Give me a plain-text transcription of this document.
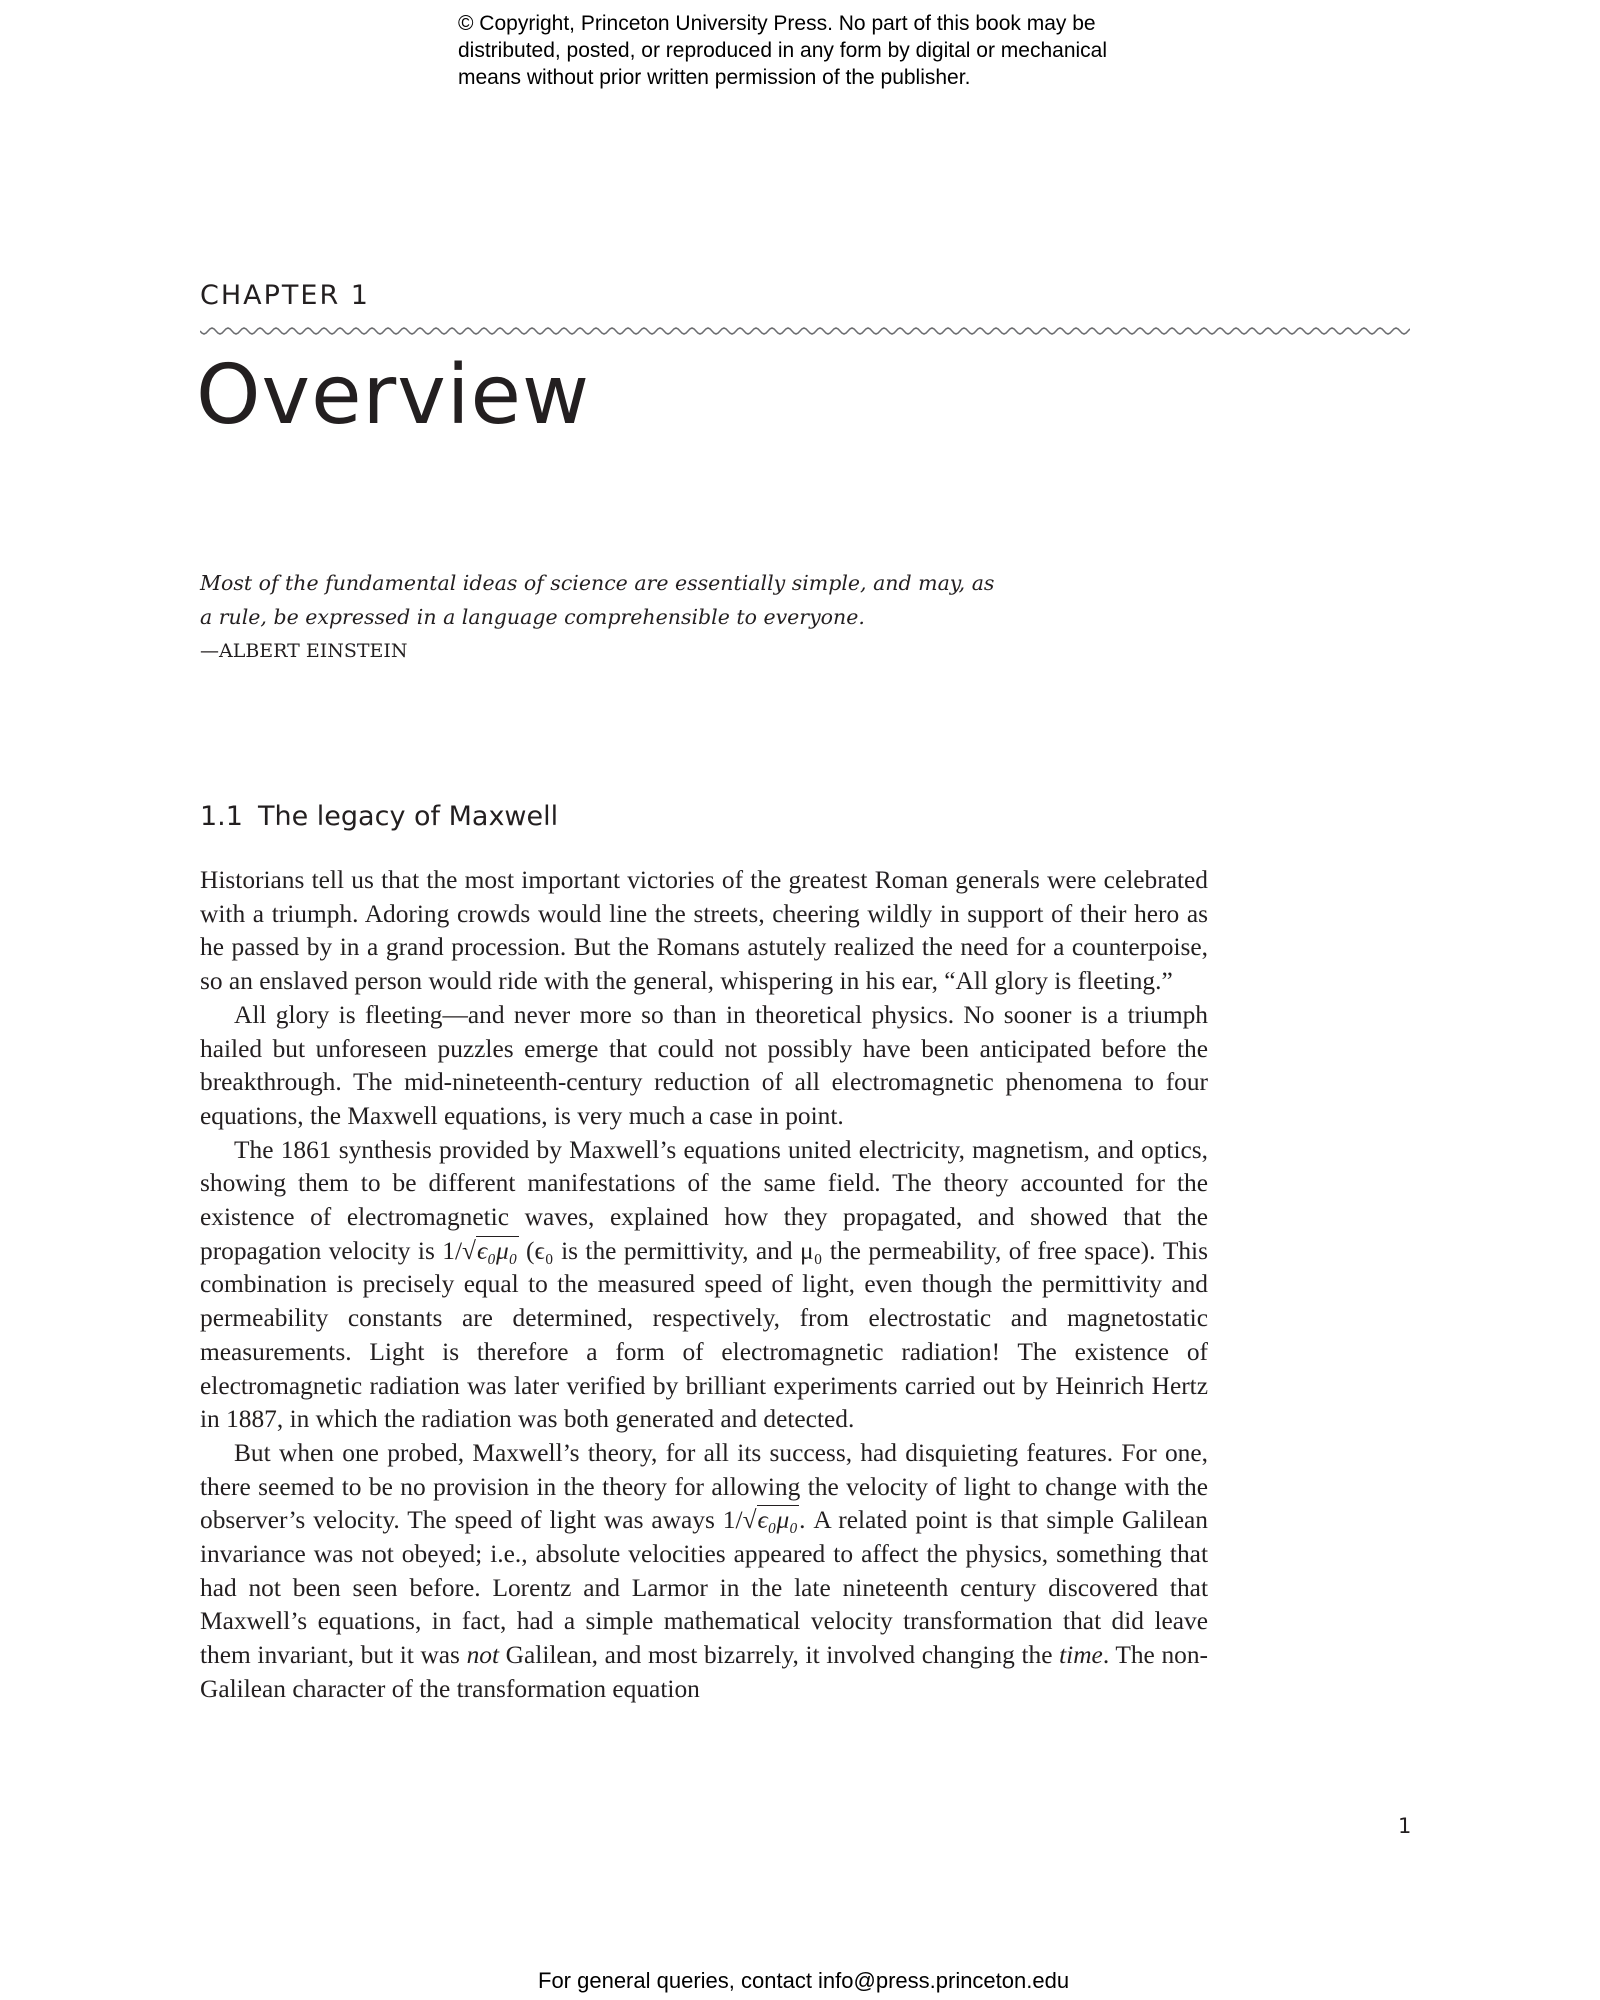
© Copyright, Princeton University Press. No part of this book may be
distributed, posted, or reproduced in any form by digital or mechanical
means without prior written permission of the publisher.
CHAPTER 1
Overview
Most of the fundamental ideas of science are essentially simple, and may, as
a rule, be expressed in a language comprehensible to everyone.
—ALBERT EINSTEIN
1.1 The legacy of Maxwell

Historians tell us that the most important victories of the greatest Roman generals were celebrated with a triumph. Adoring crowds would line the streets, cheering wildly in support of their hero as he passed by in a grand procession. But the Romans astutely realized the need for a counterpoise, so an enslaved person would ride with the general, whispering in his ear, “All glory is fleeting.”

All glory is fleeting—and never more so than in theoretical physics. No sooner is a triumph hailed but unforeseen puzzles emerge that could not possibly have been anticipated before the breakthrough. The mid-nineteenth-century reduction of all electromagnetic phenomena to four equations, the Maxwell equations, is very much a case in point.

The 1861 synthesis provided by Maxwell’s equations united electricity, magnetism, and optics, showing them to be different manifestations of the same field. The theory accounted for the existence of electromagnetic waves, explained how they propagated, and showed that the propagation velocity is 1/√ϵ₀μ₀ (ϵ₀ is the permittivity, and μ₀ the permeability, of free space). This combination is precisely equal to the measured speed of light, even though the permittivity and permeability constants are determined, respectively, from electrostatic and magnetostatic measurements. Light is therefore a form of electromagnetic radiation! The existence of electromagnetic radiation was later verified by brilliant experiments carried out by Heinrich Hertz in 1887, in which the radiation was both generated and detected.

But when one probed, Maxwell’s theory, for all its success, had disquieting features. For one, there seemed to be no provision in the theory for allowing the velocity of light to change with the observer’s velocity. The speed of light was aways 1/√ϵ₀μ₀. A related point is that simple Galilean invariance was not obeyed; i.e., absolute velocities appeared to affect the physics, something that had not been seen before. Lorentz and Larmor in the late nineteenth century discovered that Maxwell’s equations, in fact, had a simple mathematical velocity transformation that did leave them invariant, but it was not Galilean, and most bizarrely, it involved changing the time. The non-Galilean character of the transformation equation

1
For general queries, contact info@press.princeton.edu
